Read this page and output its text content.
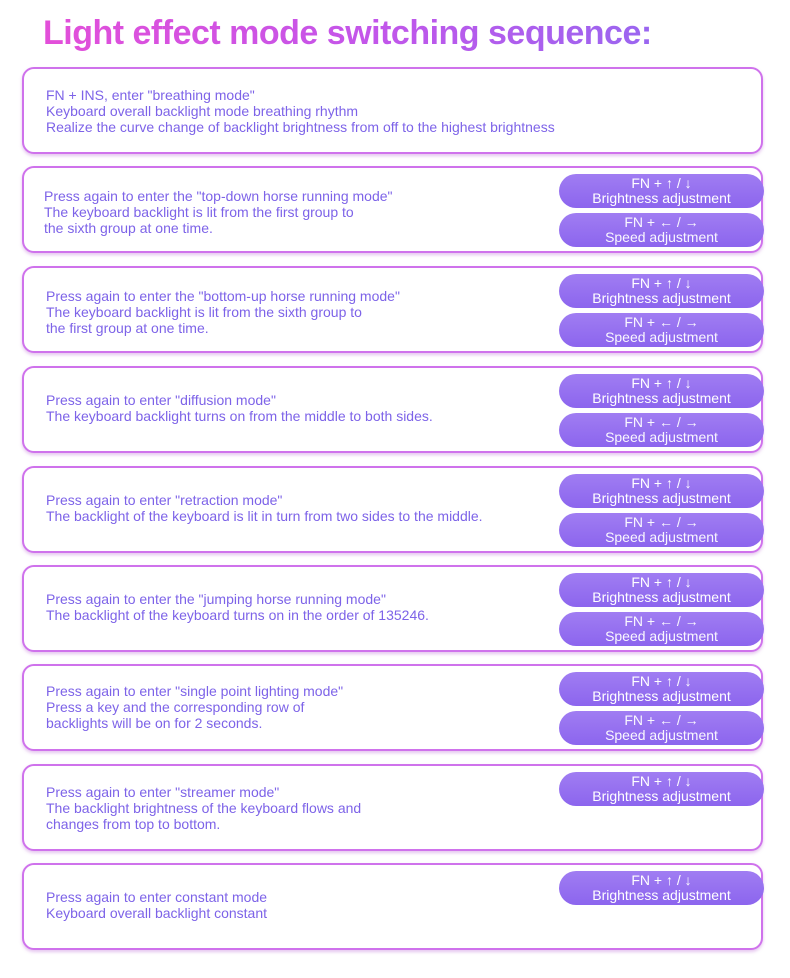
Light effect mode switching sequence:
FN + INS, enter "breathing mode"
Keyboard overall backlight mode breathing rhythm
Realize the curve change of backlight brightness from off to the highest brightness
Press again to enter the "top-down horse running mode"
The keyboard backlight is lit from the first group to
the sixth group at one time.
FN + ↑ / ↓
Brightness adjustment
FN + ← / →
Speed adjustment
Press again to enter the "bottom-up horse running mode"
The keyboard backlight is lit from the sixth group to
the first group at one time.
FN + ↑ / ↓
Brightness adjustment
FN + ← / →
Speed adjustment
Press again to enter "diffusion mode"
The keyboard backlight turns on from the middle to both sides.
FN + ↑ / ↓
Brightness adjustment
FN + ← / →
Speed adjustment
Press again to enter "retraction mode"
The backlight of the keyboard is lit in turn from two sides to the middle.
FN + ↑ / ↓
Brightness adjustment
FN + ← / →
Speed adjustment
Press again to enter the "jumping horse running mode"
The backlight of the keyboard turns on in the order of 135246.
FN + ↑ / ↓
Brightness adjustment
FN + ← / →
Speed adjustment
Press again to enter "single point lighting mode"
Press a key and the corresponding row of
backlights will be on for 2 seconds.
FN + ↑ / ↓
Brightness adjustment
FN + ← / →
Speed adjustment
Press again to enter "streamer mode"
The backlight brightness of the keyboard flows and
changes from top to bottom.
FN + ↑ / ↓
Brightness adjustment
Press again to enter constant mode
Keyboard overall backlight constant
FN + ↑ / ↓
Brightness adjustment
